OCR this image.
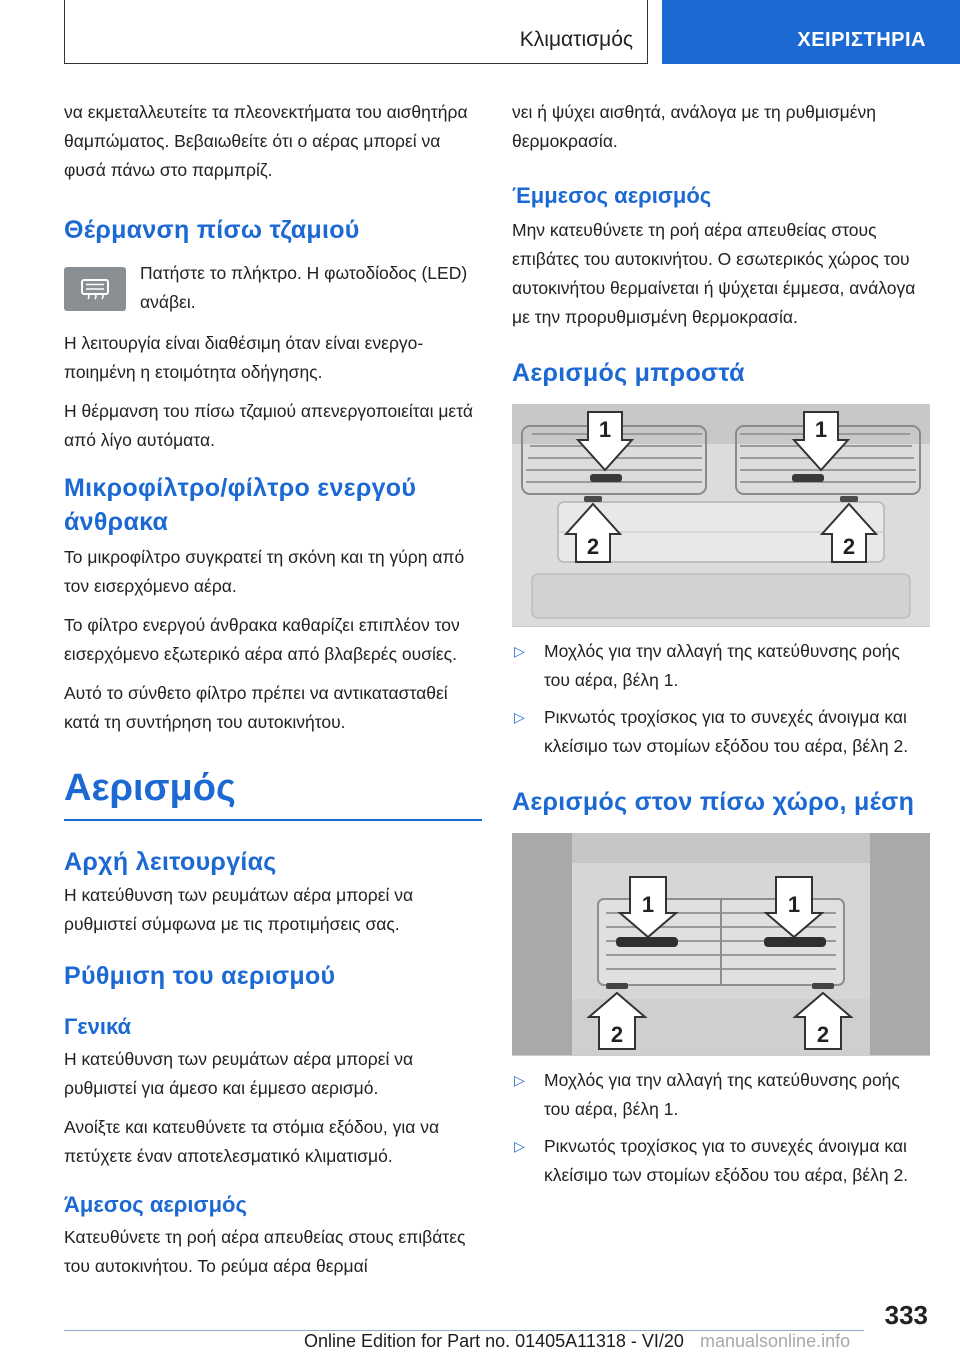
Κλιματισμός	ΧΕΙΡΙΣΤΗΡΙΑ

να εκμεταλλευτείτε τα πλεονεκτήματα του αισθητήρα θαμπώματος. Βεβαιωθείτε ότι ο αέρας μπορεί να φυσά πάνω στο παρμπρίζ.

Θέρμανση πίσω τζαμιού

Πατήστε το πλήκτρο. Η φωτοδίοδος (LED) ανάβει.

Η λειτουργία είναι διαθέσιμη όταν είναι ενεργοποιημένη η ετοιμότητα οδήγησης.

Η θέρμανση του πίσω τζαμιού απενεργοποιείται μετά από λίγο αυτόματα.

Μικροφίλτρο/φίλτρο ενεργού άνθρακα

Το μικροφίλτρο συγκρατεί τη σκόνη και τη γύρη από τον εισερχόμενο αέρα.

Το φίλτρο ενεργού άνθρακα καθαρίζει επιπλέον τον εισερχόμενο εξωτερικό αέρα από βλαβερές ουσίες.

Αυτό το σύνθετο φίλτρο πρέπει να αντικατασταθεί κατά τη συντήρηση του αυτοκινήτου.

Αερισμός
Αρχή λειτουργίας

Η κατεύθυνση των ρευμάτων αέρα μπορεί να ρυθμιστεί σύμφωνα με τις προτιμήσεις σας.

Ρύθμιση του αερισμού
Γενικά

Η κατεύθυνση των ρευμάτων αέρα μπορεί να ρυθμιστεί για άμεσο και έμμεσο αερισμό.

Ανοίξτε και κατευθύνετε τα στόμια εξόδου, για να πετύχετε έναν αποτελεσματικό κλιματισμό.

Άμεσος αερισμός

Κατευθύνετε τη ροή αέρα απευθείας στους επιβάτες του αυτοκινήτου. Το ρεύμα αέρα θερμαί

νει ή ψύχει αισθητά, ανάλογα με τη ρυθμισμένη θερμοκρασία.

Έμμεσος αερισμός

Μην κατευθύνετε τη ροή αέρα απευθείας στους επιβάτες του αυτοκινήτου. Ο εσωτερικός χώρος του αυτοκινήτου θερμαίνεται ή ψύχεται έμμεσα, ανάλογα με την προρυθμισμένη θερμοκρασία.

Αερισμός μπροστά
1	1
2	2
▷	Μοχλός για την αλλαγή της κατεύθυνσης ροής του αέρα, βέλη 1.
▷	Ρικνωτός τροχίσκος για το συνεχές άνοιγμα και κλείσιμο των στομίων εξόδου του αέρα, βέλη 2.
Αερισμός στον πίσω χώρο, μέση
1	1
2	2
▷	Μοχλός για την αλλαγή της κατεύθυνσης ροής του αέρα, βέλη 1.
▷	Ρικνωτός τροχίσκος για το συνεχές άνοιγμα και κλείσιμο των στομίων εξόδου του αέρα, βέλη 2.
333
Online Edition for Part no. 01405A11318 - VI/20 manualsonline.info
